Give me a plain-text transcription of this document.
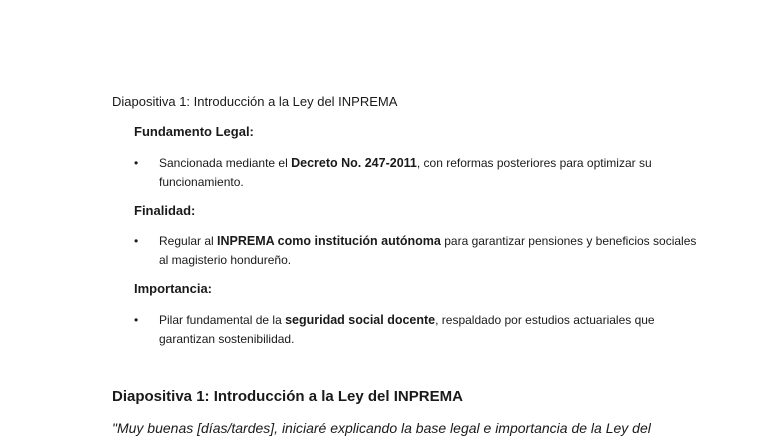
Diapositiva 1: Introducción a la Ley del INPREMA
Fundamento Legal:
• Sancionada mediante el Decreto No. 247-2011, con reformas posteriores para optimizar su funcionamiento.
Finalidad:
• Regular al INPREMA como institución autónoma para garantizar pensiones y beneficios sociales al magisterio hondureño.
Importancia:
• Pilar fundamental de la seguridad social docente, respaldado por estudios actuariales que garantizan sostenibilidad.
Diapositiva 1: Introducción a la Ley del INPREMA
"Muy buenas [días/tardes], iniciaré explicando la base legal e importancia de la Ley del
